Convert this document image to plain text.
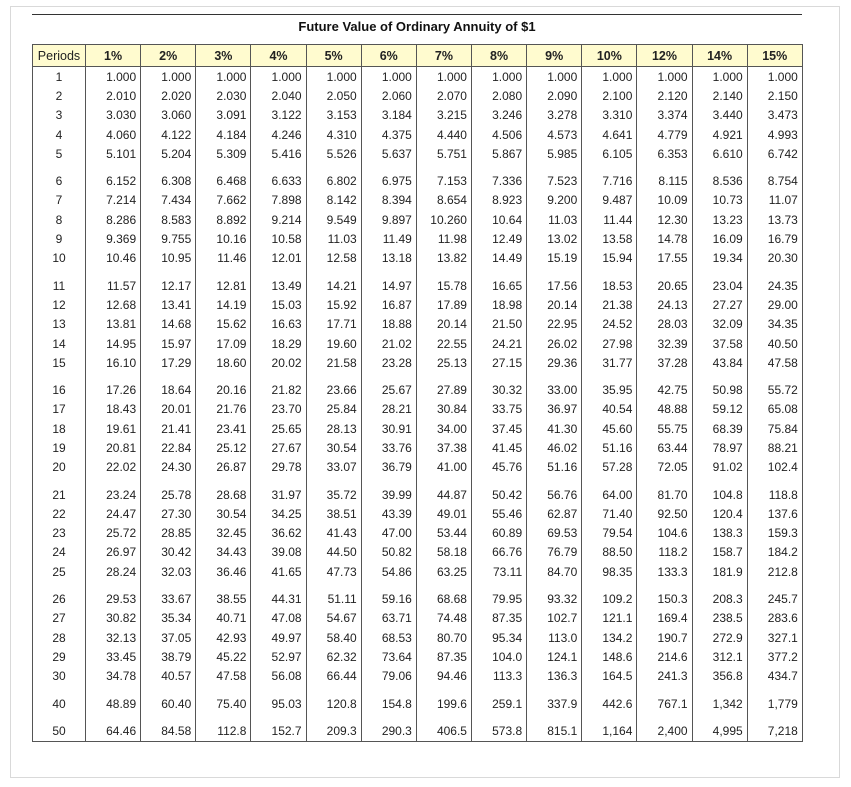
Future Value of Ordinary Annuity of $1
Periods	1%	2%	3%	4%	5%	6%	7%	8%	9%	10%	12%	14%	15%
1	1.000	1.000	1.000	1.000	1.000	1.000	1.000	1.000	1.000	1.000	1.000	1.000	1.000
2	2.010	2.020	2.030	2.040	2.050	2.060	2.070	2.080	2.090	2.100	2.120	2.140	2.150
3	3.030	3.060	3.091	3.122	3.153	3.184	3.215	3.246	3.278	3.310	3.374	3.440	3.473
4	4.060	4.122	4.184	4.246	4.310	4.375	4.440	4.506	4.573	4.641	4.779	4.921	4.993
5	5.101	5.204	5.309	5.416	5.526	5.637	5.751	5.867	5.985	6.105	6.353	6.610	6.742
6	6.152	6.308	6.468	6.633	6.802	6.975	7.153	7.336	7.523	7.716	8.115	8.536	8.754
7	7.214	7.434	7.662	7.898	8.142	8.394	8.654	8.923	9.200	9.487	10.09	10.73	11.07
8	8.286	8.583	8.892	9.214	9.549	9.897	10.260	10.64	11.03	11.44	12.30	13.23	13.73
9	9.369	9.755	10.16	10.58	11.03	11.49	11.98	12.49	13.02	13.58	14.78	16.09	16.79
10	10.46	10.95	11.46	12.01	12.58	13.18	13.82	14.49	15.19	15.94	17.55	19.34	20.30
11	11.57	12.17	12.81	13.49	14.21	14.97	15.78	16.65	17.56	18.53	20.65	23.04	24.35
12	12.68	13.41	14.19	15.03	15.92	16.87	17.89	18.98	20.14	21.38	24.13	27.27	29.00
13	13.81	14.68	15.62	16.63	17.71	18.88	20.14	21.50	22.95	24.52	28.03	32.09	34.35
14	14.95	15.97	17.09	18.29	19.60	21.02	22.55	24.21	26.02	27.98	32.39	37.58	40.50
15	16.10	17.29	18.60	20.02	21.58	23.28	25.13	27.15	29.36	31.77	37.28	43.84	47.58
16	17.26	18.64	20.16	21.82	23.66	25.67	27.89	30.32	33.00	35.95	42.75	50.98	55.72
17	18.43	20.01	21.76	23.70	25.84	28.21	30.84	33.75	36.97	40.54	48.88	59.12	65.08
18	19.61	21.41	23.41	25.65	28.13	30.91	34.00	37.45	41.30	45.60	55.75	68.39	75.84
19	20.81	22.84	25.12	27.67	30.54	33.76	37.38	41.45	46.02	51.16	63.44	78.97	88.21
20	22.02	24.30	26.87	29.78	33.07	36.79	41.00	45.76	51.16	57.28	72.05	91.02	102.4
21	23.24	25.78	28.68	31.97	35.72	39.99	44.87	50.42	56.76	64.00	81.70	104.8	118.8
22	24.47	27.30	30.54	34.25	38.51	43.39	49.01	55.46	62.87	71.40	92.50	120.4	137.6
23	25.72	28.85	32.45	36.62	41.43	47.00	53.44	60.89	69.53	79.54	104.6	138.3	159.3
24	26.97	30.42	34.43	39.08	44.50	50.82	58.18	66.76	76.79	88.50	118.2	158.7	184.2
25	28.24	32.03	36.46	41.65	47.73	54.86	63.25	73.11	84.70	98.35	133.3	181.9	212.8
26	29.53	33.67	38.55	44.31	51.11	59.16	68.68	79.95	93.32	109.2	150.3	208.3	245.7
27	30.82	35.34	40.71	47.08	54.67	63.71	74.48	87.35	102.7	121.1	169.4	238.5	283.6
28	32.13	37.05	42.93	49.97	58.40	68.53	80.70	95.34	113.0	134.2	190.7	272.9	327.1
29	33.45	38.79	45.22	52.97	62.32	73.64	87.35	104.0	124.1	148.6	214.6	312.1	377.2
30	34.78	40.57	47.58	56.08	66.44	79.06	94.46	113.3	136.3	164.5	241.3	356.8	434.7
40	48.89	60.40	75.40	95.03	120.8	154.8	199.6	259.1	337.9	442.6	767.1	1,342	1,779
50	64.46	84.58	112.8	152.7	209.3	290.3	406.5	573.8	815.1	1,164	2,400	4,995	7,218
